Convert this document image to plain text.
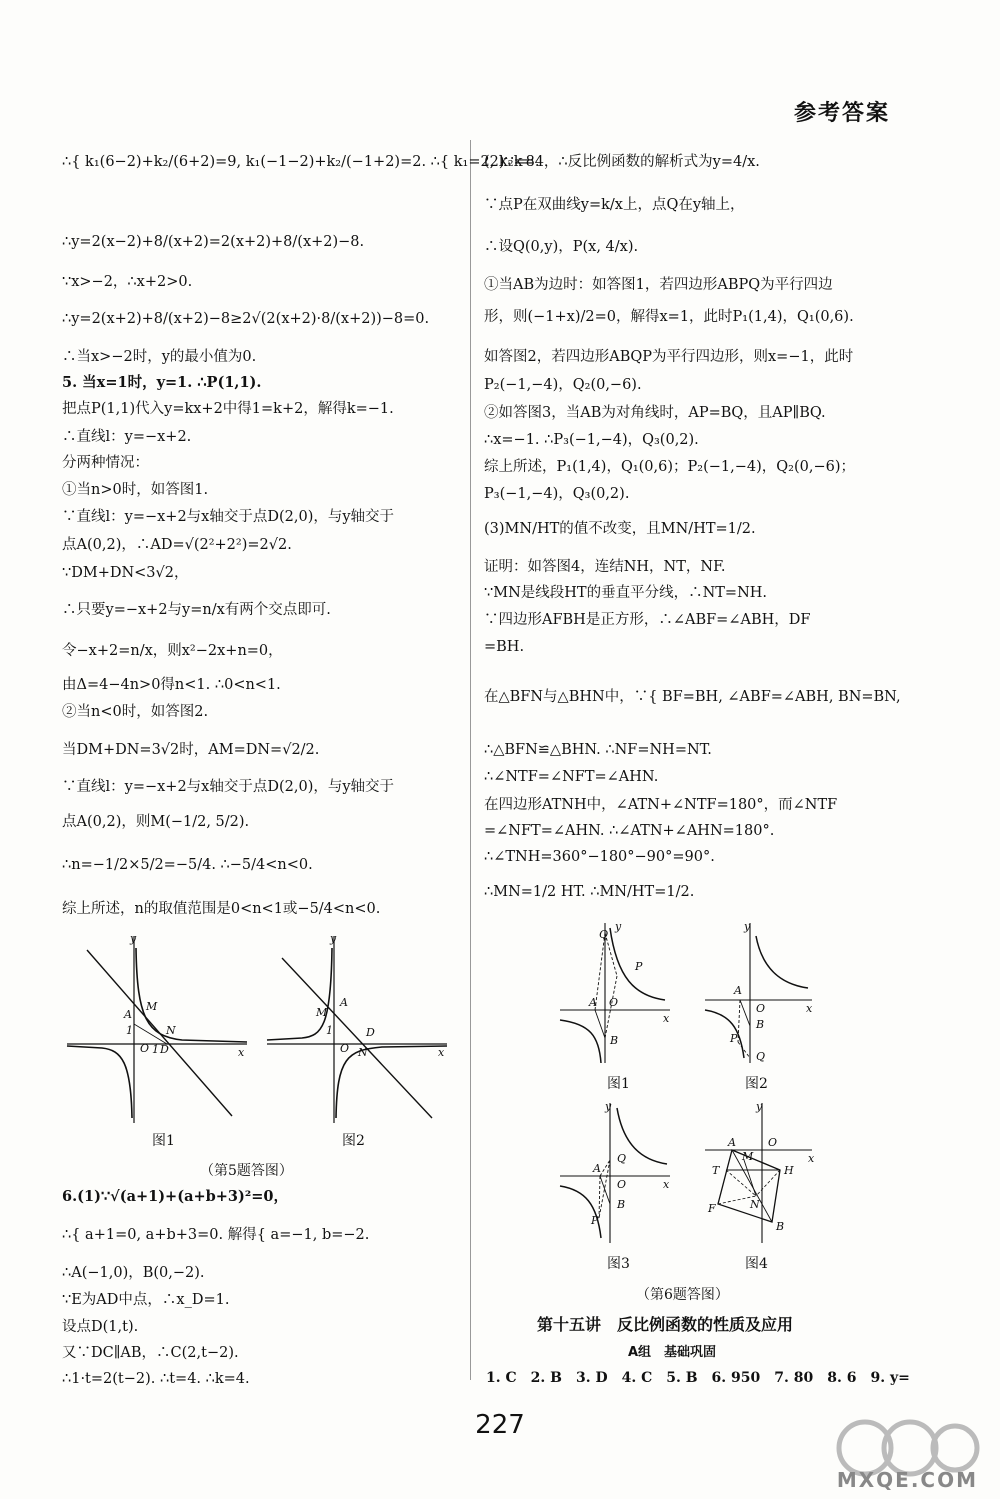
参考答案
∴{ k₁(6−2)+k₂/(6+2)=9, k₁(−1−2)+k₂/(−1+2)=2. ∴{ k₁=2, k₂=8.
∴y=2(x−2)+8/(x+2)=2(x+2)+8/(x+2)−8.
∵x>−2，∴x+2>0.
∴y=2(x+2)+8/(x+2)−8≥2√(2(x+2)·8/(x+2))−8=0.
∴当x>−2时，y的最小值为0.
5. 当x=1时，y=1. ∴P(1,1).
把点P(1,1)代入y=kx+2中得1=k+2，解得k=−1.
∴直线l：y=−x+2.
分两种情况：
①当n>0时，如答图1.
∵直线l：y=−x+2与x轴交于点D(2,0)，与y轴交于
点A(0,2)，∴AD=√(2²+2²)=2√2.
∵DM+DN<3√2，
∴只要y=−x+2与y=n/x有两个交点即可.
令−x+2=n/x，则x²−2x+n=0，
由Δ=4−4n>0得n<1. ∴0<n<1.
②当n<0时，如答图2.
当DM+DN=3√2时，AM=DN=√2/2.
∵直线l：y=−x+2与x轴交于点D(2,0)，与y轴交于
点A(0,2)，则M(−1/2, 5/2).
∴n=−1/2×5/2=−5/4. ∴−5/4<n<0.
综上所述，n的取值范围是0<n<1或−5/4<n<0.
y
x
A
M
N
O
1
1 D
y
x
A
M
D
N
O
1
图1	图2
（第5题答图）
6.(1)∵√(a+1)+(a+b+3)²=0，
∴{ a+1=0, a+b+3=0. 解得{ a=−1, b=−2.
∴A(−1,0)，B(0,−2).
∵E为AD中点，∴x_D=1.
设点D(1,t).
又∵DC∥AB，∴C(2,t−2).
∴1·t=2(t−2). ∴t=4. ∴k=4.
(2)∵k=4，∴反比例函数的解析式为y=4/x.
∵点P在双曲线y=k/x上，点Q在y轴上，
∴设Q(0,y)，P(x, 4/x).
①当AB为边时：如答图1，若四边形ABPQ为平行四边
形，则(−1+x)/2=0，解得x=1，此时P₁(1,4)，Q₁(0,6).
如答图2，若四边形ABQP为平行四边形，则x=−1，此时
P₂(−1,−4)，Q₂(0,−6).
②如答图3，当AB为对角线时，AP=BQ，且AP∥BQ.
∴x=−1. ∴P₃(−1,−4)，Q₃(0,2).
综上所述，P₁(1,4)，Q₁(0,6)；P₂(−1,−4)，Q₂(0,−6)；
P₃(−1,−4)，Q₃(0,2).
(3)MN/HT的值不改变，且MN/HT=1/2.
证明：如答图4，连结NH，NT，NF.
∵MN是线段HT的垂直平分线，∴NT=NH.
∵四边形AFBH是正方形，∴∠ABF=∠ABH，DF
=BH.
在△BFN与△BHN中，∵{ BF=BH, ∠ABF=∠ABH, BN=BN,
∴△BFN≌△BHN. ∴NF=NH=NT.
∴∠NTF=∠NFT=∠AHN.
在四边形ATNH中，∠ATN+∠NTF=180°，而∠NTF
=∠NFT=∠AHN. ∴∠ATN+∠AHN=180°.
∴∠TNH=360°−180°−90°=90°.
∴MN=1/2 HT. ∴MN/HT=1/2.
Q
P
A O
B
x
y	y
A
O
B
P
Q
x
图1	图2
y
A
Q
O
B
P
x
y
A	O
M
T	H
N
F
B
x
图3	图4
（第6题答图）
第十五讲　反比例函数的性质及应用
A组　基础巩固
1. C　2. B　3. D　4. C　5. B　6. 950　7. 80　8. 6　9. y=
227
MXQE.COM
